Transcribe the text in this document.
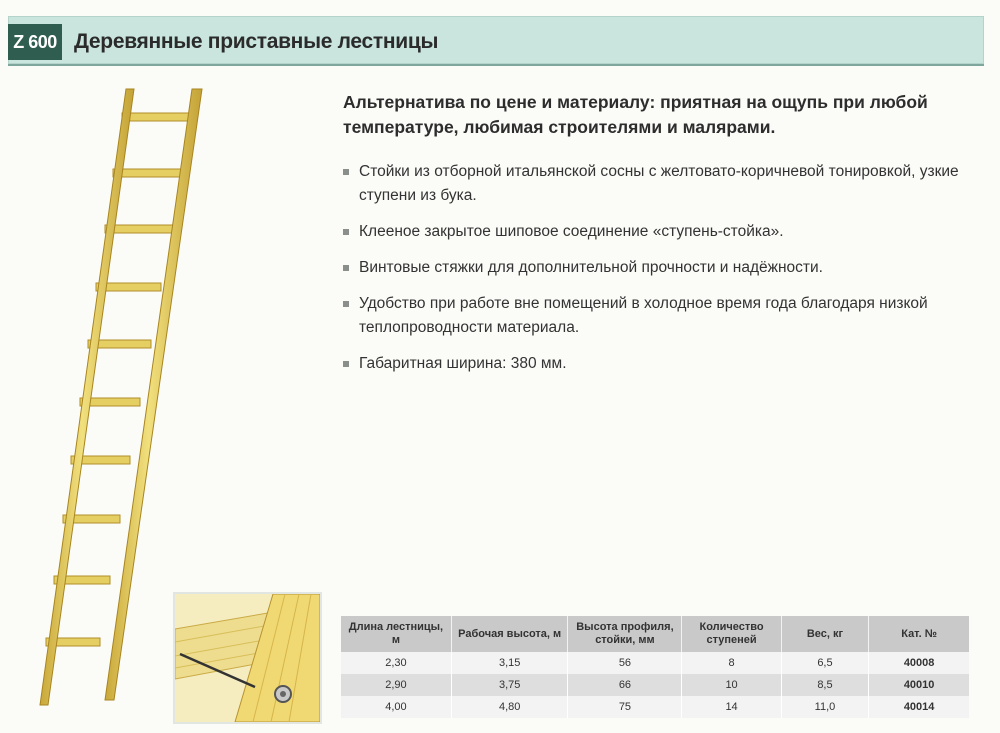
Z 600 Деревянные приставные лестницы
Альтернатива по цене и материалу: приятная на ощупь при любой температуре, любимая строителями и малярами.
Стойки из отборной итальянской сосны с желтовато-коричневой тонировкой, узкие ступени из бука.
Клееное закрытое шиповое соединение «ступень-стойка».
Винтовые стяжки для дополнительной прочности и надёжности.
Удобство при работе вне помещений в холодное время года благодаря низкой теплопроводности материала.
Габаритная ширина: 380 мм.
Длина лестницы, м	Рабочая высота, м	Высота профиля, стойки, мм	Количество ступеней	Вес, кг	Кат. №
2,30	3,15	56	8	6,5	40008
2,90	3,75	66	10	8,5	40010
4,00	4,80	75	14	11,0	40014
